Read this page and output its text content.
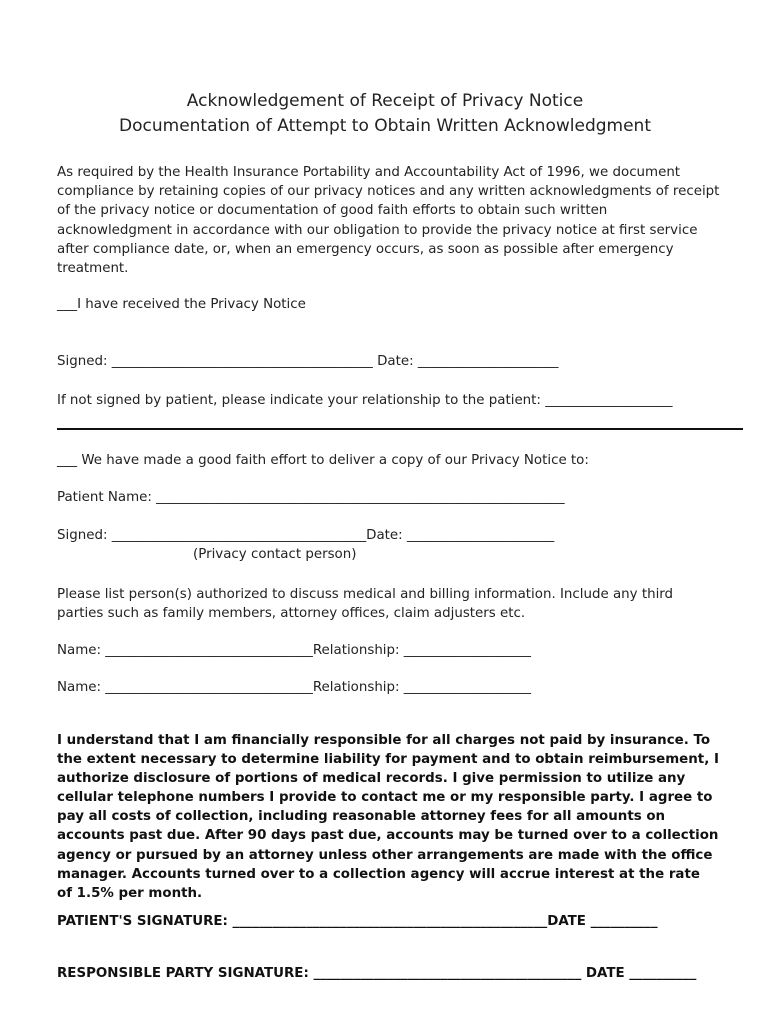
Acknowledgement of Receipt of Privacy Notice
Documentation of Attempt to Obtain Written Acknowledgment
As required by the Health Insurance Portability and Accountability Act of 1996, we document
compliance by retaining copies of our privacy notices and any written acknowledgments of receipt
of the privacy notice or documentation of good faith efforts to obtain such written
acknowledgment in accordance with our obligation to provide the privacy notice at first service
after compliance date, or, when an emergency occurs, as soon as possible after emergency
treatment.
___I have received the Privacy Notice
Signed: _______________________________________ Date: _____________________
If not signed by patient, please indicate your relationship to the patient: ___________________
___ We have made a good faith effort to deliver a copy of our Privacy Notice to:
Patient Name: _____________________________________________________________
Signed: ______________________________________Date: ______________________
(Privacy contact person)
Please list person(s) authorized to discuss medical and billing information. Include any third
parties such as family members, attorney offices, claim adjusters etc.
Name: _______________________________Relationship: ___________________
Name: _______________________________Relationship: ___________________
I understand that I am financially responsible for all charges not paid by insurance. To
the extent necessary to determine liability for payment and to obtain reimbursement, I
authorize disclosure of portions of medical records. I give permission to utilize any
cellular telephone numbers I provide to contact me or my responsible party. I agree to
pay all costs of collection, including reasonable attorney fees for all amounts on
accounts past due. After 90 days past due, accounts may be turned over to a collection
agency or pursued by an attorney unless other arrangements are made with the office
manager. Accounts turned over to a collection agency will accrue interest at the rate
of 1.5% per month.
PATIENT'S SIGNATURE: _______________________________________________DATE __________
RESPONSIBLE PARTY SIGNATURE: ________________________________________ DATE __________
